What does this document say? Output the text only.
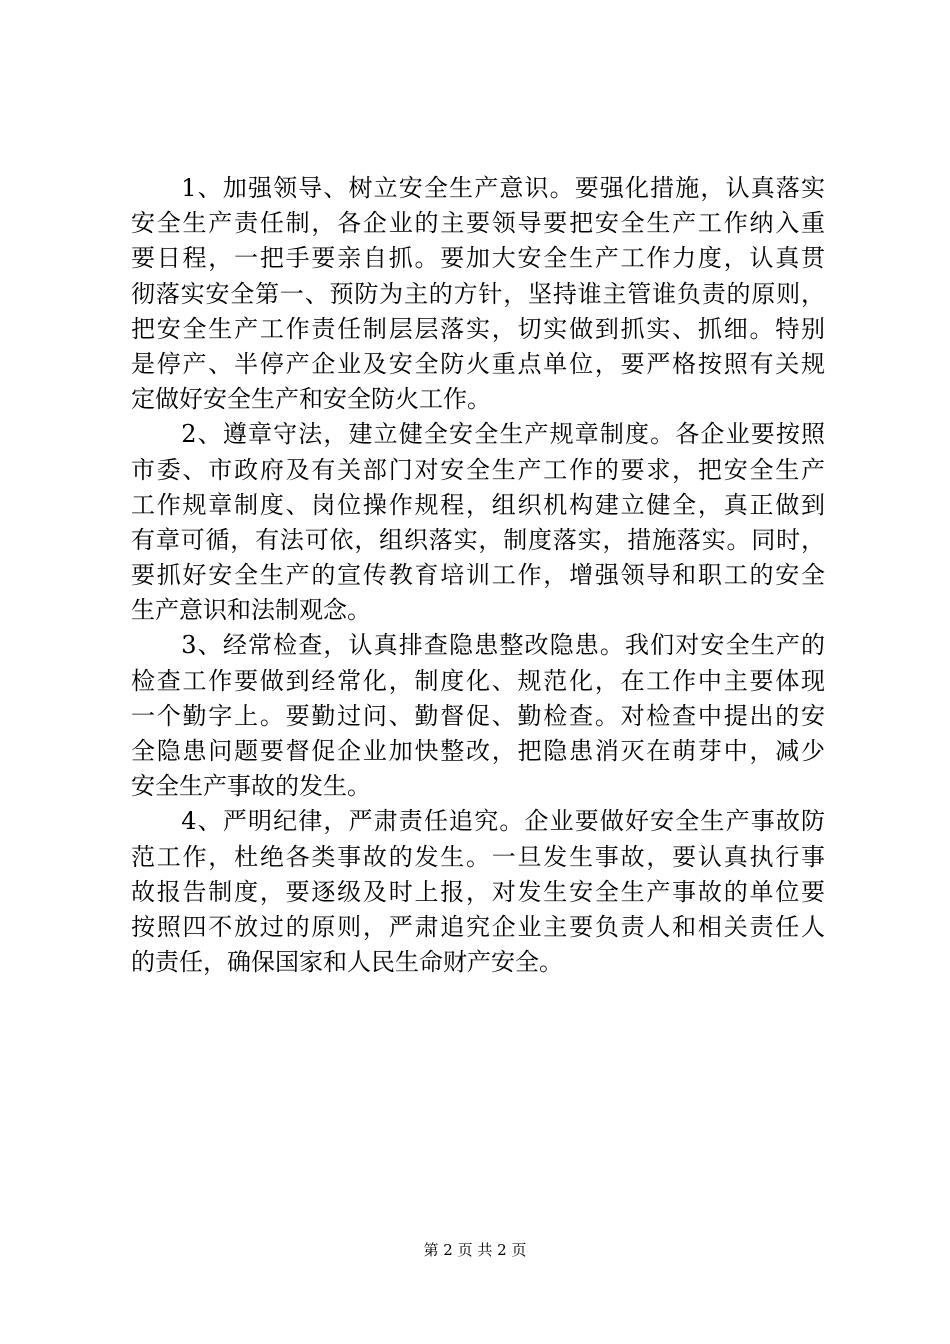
　　1、加强领导、树立安全生产意识。要强化措施，认真落实
安全生产责任制，各企业的主要领导要把安全生产工作纳入重
要日程，一把手要亲自抓。要加大安全生产工作力度，认真贯
彻落实安全第一、预防为主的方针，坚持谁主管谁负责的原则，
把安全生产工作责任制层层落实，切实做到抓实、抓细。特别
是停产、半停产企业及安全防火重点单位，要严格按照有关规
定做好安全生产和安全防火工作。
　　2、遵章守法，建立健全安全生产规章制度。各企业要按照
市委、市政府及有关部门对安全生产工作的要求，把安全生产
工作规章制度、岗位操作规程，组织机构建立健全，真正做到
有章可循，有法可依，组织落实，制度落实，措施落实。同时，
要抓好安全生产的宣传教育培训工作，增强领导和职工的安全
生产意识和法制观念。
　　3、经常检查，认真排查隐患整改隐患。我们对安全生产的
检查工作要做到经常化，制度化、规范化，在工作中主要体现
一个勤字上。要勤过问、勤督促、勤检查。对检查中提出的安
全隐患问题要督促企业加快整改，把隐患消灭在萌芽中，减少
安全生产事故的发生。
　　4、严明纪律，严肃责任追究。企业要做好安全生产事故防
范工作，杜绝各类事故的发生。一旦发生事故，要认真执行事
故报告制度，要逐级及时上报，对发生安全生产事故的单位要
按照四不放过的原则，严肃追究企业主要负责人和相关责任人
的责任，确保国家和人民生命财产安全。
第 2 页 共 2 页
